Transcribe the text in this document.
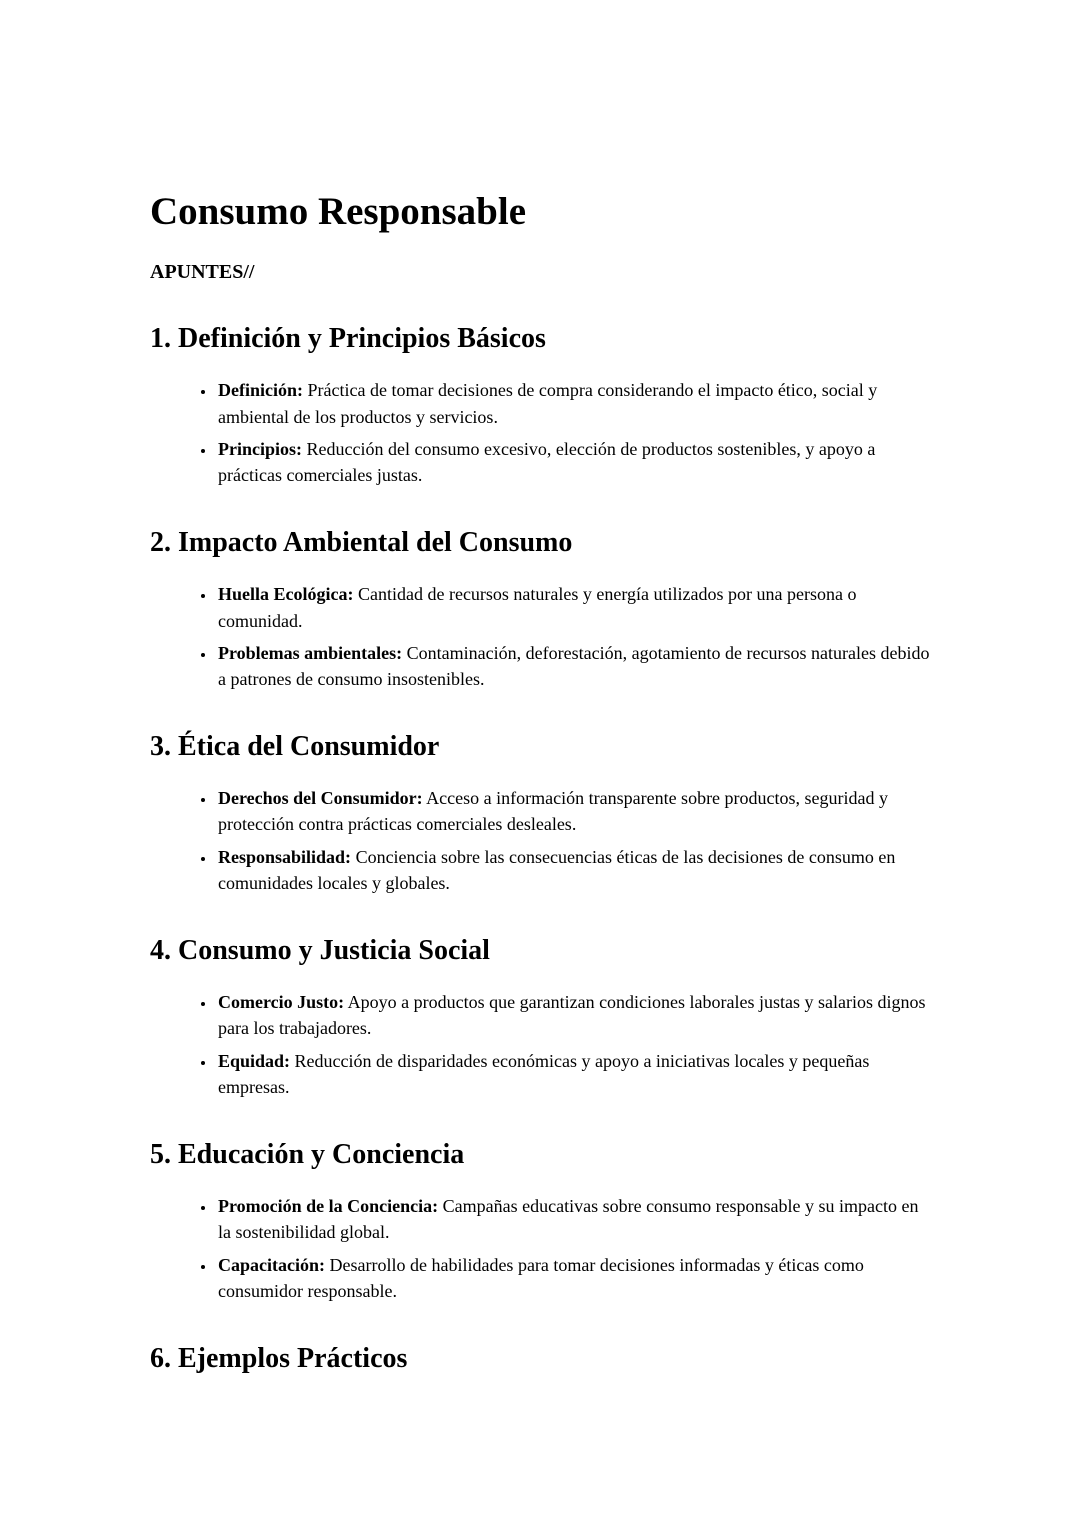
Consumo Responsable

APUNTES//

1. Definición y Principios Básicos
• Definición: Práctica de tomar decisiones de compra considerando el impacto ético, social y ambiental de los productos y servicios.
• Principios: Reducción del consumo excesivo, elección de productos sostenibles, y apoyo a prácticas comerciales justas.
2. Impacto Ambiental del Consumo
• Huella Ecológica: Cantidad de recursos naturales y energía utilizados por una persona o comunidad.
• Problemas ambientales: Contaminación, deforestación, agotamiento de recursos naturales debido a patrones de consumo insostenibles.
3. Ética del Consumidor
• Derechos del Consumidor: Acceso a información transparente sobre productos, seguridad y protección contra prácticas comerciales desleales.
• Responsabilidad: Conciencia sobre las consecuencias éticas de las decisiones de consumo en comunidades locales y globales.
4. Consumo y Justicia Social
• Comercio Justo: Apoyo a productos que garantizan condiciones laborales justas y salarios dignos para los trabajadores.
• Equidad: Reducción de disparidades económicas y apoyo a iniciativas locales y pequeñas empresas.
5. Educación y Conciencia
• Promoción de la Conciencia: Campañas educativas sobre consumo responsable y su impacto en la sostenibilidad global.
• Capacitación: Desarrollo de habilidades para tomar decisiones informadas y éticas como consumidor responsable.
6. Ejemplos Prácticos
